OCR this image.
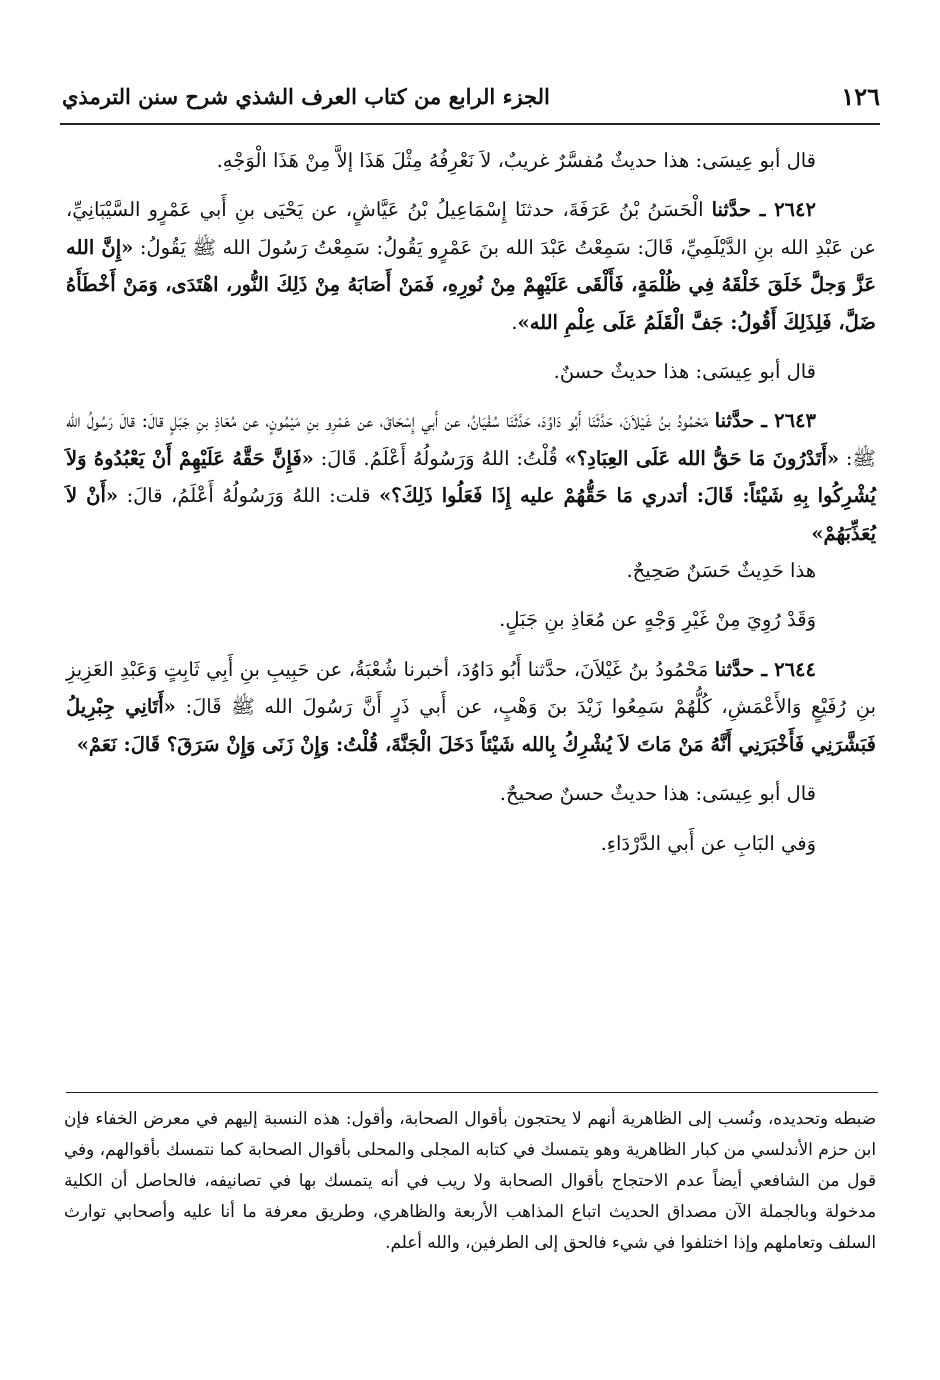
١٢٦
الجزء الرابع من كتاب العرف الشذي شرح سنن الترمذي

قال أبو عِيسَى: هذا حديثٌ مُفسَّرٌ غريبٌ، لاَ نَعْرِفُهُ مِثْلَ هَذَا إلاَّ مِنْ هَذَا الْوَجْهِ.

٢٦٤٢ ـ حدَّثنا الْحَسَنُ بْنُ عَرَفَةَ، حدثنَا إِسْمَاعِيلُ بْنُ عَيَّاشٍ، عن يَحْيَى بنِ أَبي عَمْرٍو السَّيْبَانِيِّ، عن عَبْدِ الله بنِ الدَّيْلَمِيِّ، قَالَ: سَمِعْتُ عَبْدَ الله بنَ عَمْرٍو يَقُولُ: سَمِعْتُ رَسُولَ الله ﷺ يَقُولُ: «إِنَّ الله عَزَّ وَجلَّ خَلَقَ خَلْقَهُ فِي ظُلْمَةٍ، فَأَلْقَى عَلَيْهِمْ مِنْ نُورِهِ، فَمَنْ أَصَابَهُ مِنْ ذَلِكَ النُّور، اهْتَدَى، وَمَنْ أَخْطَأَهُ ضَلَّ، فَلِذَلِكَ أَقُولُ: جَفَّ الْقَلَمُ عَلَى عِلْمِ الله».

قال أبو عِيسَى: هذا حديثٌ حسنٌ.

٢٦٤٣ ـ حدَّثنا مَحْمُودُ بنُ غَيْلاَنَ، حَدَّثَنَا أَبُو دَاوُدَ، حَدَّثَنَا سُفْيَانُ، عن أَبي إِسْحَاقَ، عن عَمْرِو بنِ مَيْمُونٍ، عن مُعَاذِ بنِ جَبَلٍ قالَ: قالَ رَسُولُ الله ﷺ: «أَتَدْرُونَ مَا حَقُّ الله عَلَى العِبَادِ؟» قُلْتُ: اللهُ وَرَسُولُهُ أَعْلَمُ. قَالَ: «فَإِنَّ حَقَّهُ عَلَيْهِمْ أَنْ يَعْبُدُوهُ وَلاَ يُشْرِكُوا بِهِ شَيْئاً: قَالَ: أتدري مَا حَقُّهُمْ عليه إِذَا فَعَلُوا ذَلِكَ؟» قلت: اللهُ وَرَسُولُهُ أَعْلَمُ، قالَ: «أَنْ لاَ يُعَذِّبَهُمْ»

هذا حَدِيثٌ حَسَنٌ صَحِيحٌ.

وَقَدْ رُوِيَ مِنْ غَيْرِ وَجْهٍ عن مُعَاذِ بنِ جَبَلٍ.

٢٦٤٤ ـ حدَّثنا مَحْمُودُ بنُ غَيْلاَنَ، حدَّثنا أَبُو دَاوُدَ، أخبرنا شُعْبَةُ، عن حَبِيبِ بنِ أَبِي ثَابِتٍ وَعَبْدِ العَزِيزِ بنِ رُفَيْعٍ وَالأَعْمَشِ، كُلُّهُمْ سَمِعُوا زَيْدَ بنَ وَهْبٍ، عن أَبي ذَرٍ أَنَّ رَسُولَ الله ﷺ قَالَ: «أَتَانِي جِبْرِيلُ فَبَشَّرَنِي فَأَخْبَرَنِي أَنَّهُ مَنْ مَاتَ لاَ يُشْرِكُ بِالله شَيْئاً دَخَلَ الْجَنَّةَ، قُلْتُ: وَإِنْ زَنَى وَإِنْ سَرَقَ؟ قَالَ: نَعَمْ»

قال أبو عِيسَى: هذا حديثٌ حسنٌ صحيحٌ.

وَفي البَابِ عن أَبي الدَّرْدَاءِ.

ضبطه وتحديده، ونُسب إلى الظاهرية أنهم لا يحتجون بأقوال الصحابة، وأقول: هذه النسبة إليهم في معرض الخفاء فإن ابن حزم الأندلسي من كبار الظاهرية وهو يتمسك في كتابه المجلى والمحلى بأقوال الصحابة كما نتمسك بأقوالهم، وفي قول من الشافعي أيضاً عدم الاحتجاج بأقوال الصحابة ولا ريب في أنه يتمسك بها في تصانيفه، فالحاصل أن الكلية مدخولة وبالجملة الآن مصداق الحديث اتباع المذاهب الأربعة والظاهري، وطريق معرفة ما أنا عليه وأصحابي توارث السلف وتعاملهم وإذا اختلفوا في شيء فالحق إلى الطرفين، والله أعلم.
